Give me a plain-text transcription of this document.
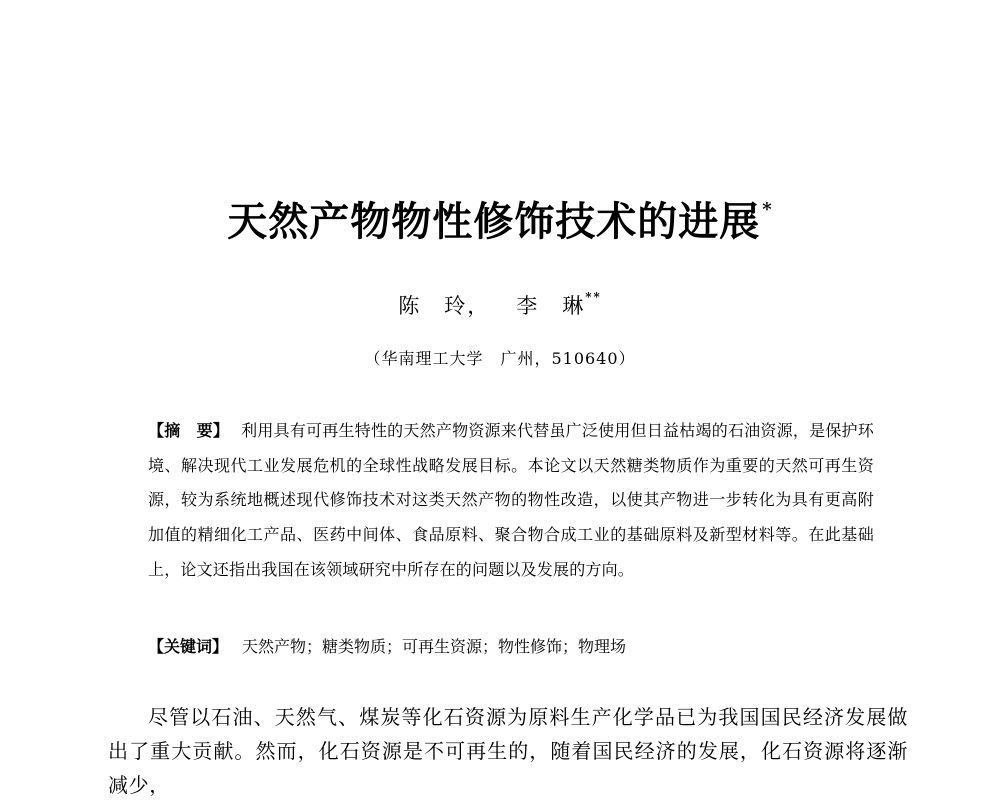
天然产物物性修饰技术的进展 *
陈　玲， 李　琳**
（华南理工大学　广州，510640）
【摘　要】 利用具有可再生特性的天然产物资源来代替虽广泛使用但日益枯竭的石油资源，是保护环境、解决现代工业发展危机的全球性战略发展目标。本论文以天然糖类物质作为重要的天然可再生资源，较为系统地概述现代修饰技术对这类天然产物的物性改造，以使其产物进一步转化为具有更高附加值的精细化工产品、医药中间体、食品原料、聚合物合成工业的基础原料及新型材料等。在此基础上，论文还指出我国在该领域研究中所存在的问题以及发展的方向。
【关键词】 天然产物；糖类物质；可再生资源；物性修饰；物理场

尽管以石油、天然气、煤炭等化石资源为原料生产化学品已为我国国民经济发展做出了重大贡献。然而，化石资源是不可再生的，随着国民经济的发展，化石资源将逐渐减少，
